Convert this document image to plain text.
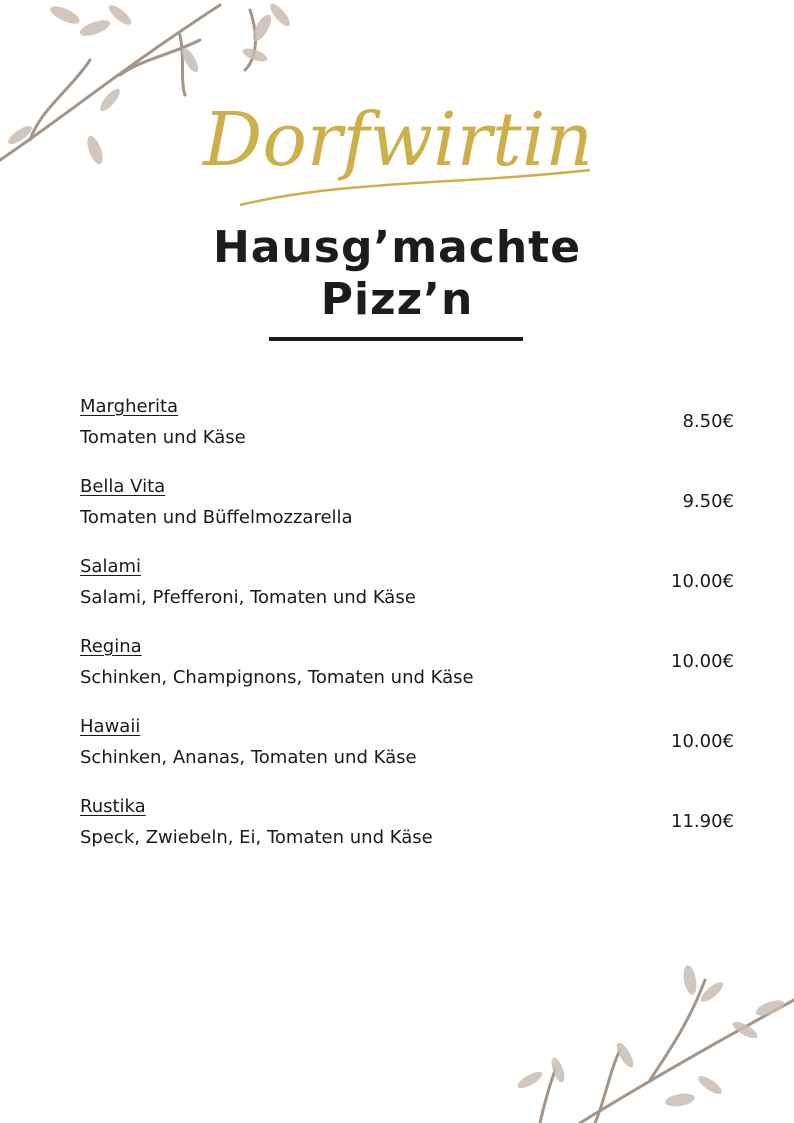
Dorfwirtin
Hausg’machte
Pizz’n
Margherita
Tomaten und Käse
8.50€
Bella Vita
Tomaten und Büffelmozzarella
9.50€
Salami
Salami, Pfefferoni, Tomaten und Käse
10.00€
Regina
Schinken, Champignons, Tomaten und Käse
10.00€
Hawaii
Schinken, Ananas, Tomaten und Käse
10.00€
Rustika
Speck, Zwiebeln, Ei, Tomaten und Käse
11.90€
